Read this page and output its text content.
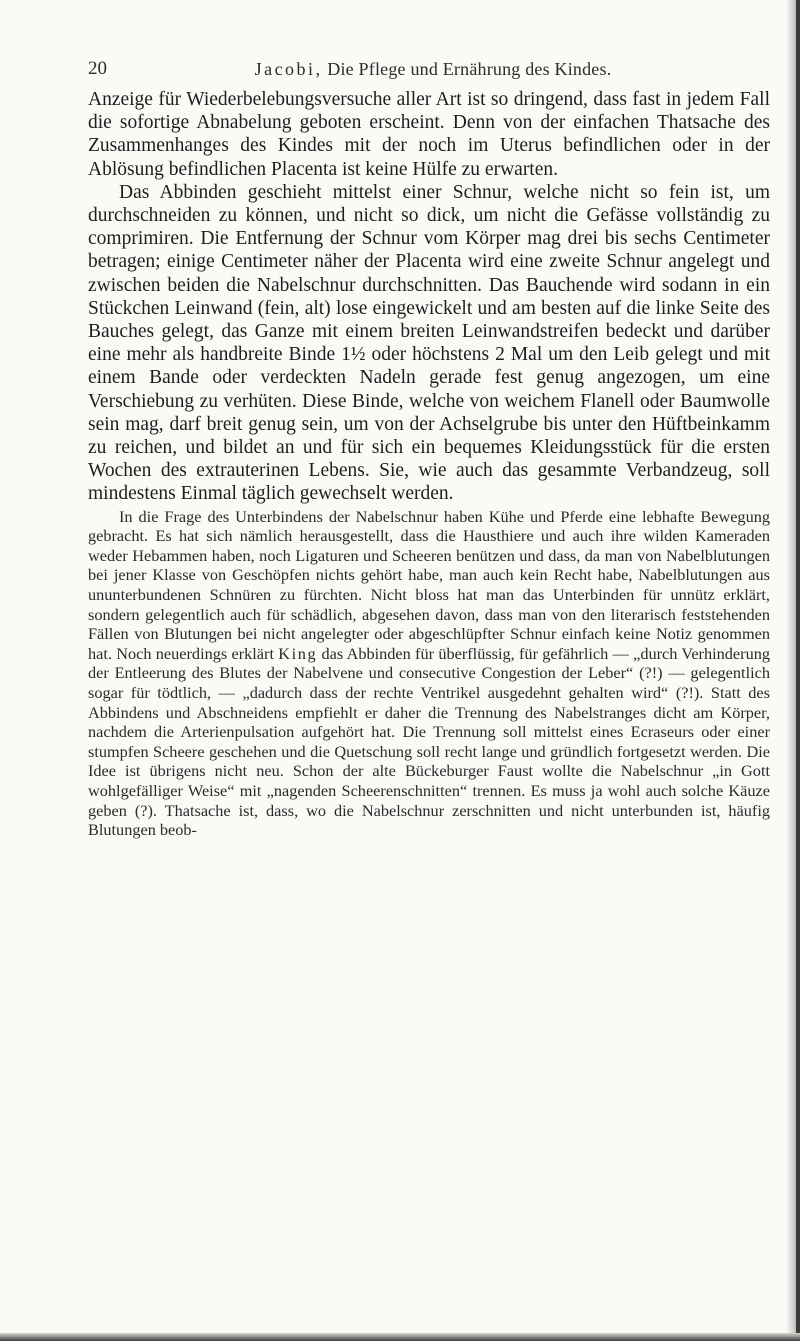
20	Jacobi, Die Pflege und Ernährung des Kindes.

Anzeige für Wiederbelebungsversuche aller Art ist so dringend, dass fast in jedem Fall die sofortige Abnabelung geboten erscheint. Denn von der einfachen Thatsache des Zusammenhanges des Kindes mit der noch im Uterus befindlichen oder in der Ablösung befindlichen Placenta ist keine Hülfe zu erwarten.

Das Abbinden geschieht mittelst einer Schnur, welche nicht so fein ist, um durchschneiden zu können, und nicht so dick, um nicht die Gefässe vollständig zu comprimiren. Die Entfernung der Schnur vom Körper mag drei bis sechs Centimeter betragen; einige Centimeter näher der Placenta wird eine zweite Schnur angelegt und zwischen beiden die Nabelschnur durchschnitten. Das Bauchende wird sodann in ein Stückchen Leinwand (fein, alt) lose eingewickelt und am besten auf die linke Seite des Bauches gelegt, das Ganze mit einem breiten Leinwandstreifen bedeckt und darüber eine mehr als handbreite Binde 1½ oder höchstens 2 Mal um den Leib gelegt und mit einem Bande oder verdeckten Nadeln gerade fest genug angezogen, um eine Verschiebung zu verhüten. Diese Binde, welche von weichem Flanell oder Baumwolle sein mag, darf breit genug sein, um von der Achselgrube bis unter den Hüftbeinkamm zu reichen, und bildet an und für sich ein bequemes Kleidungsstück für die ersten Wochen des extrauterinen Lebens. Sie, wie auch das gesammte Verbandzeug, soll mindestens Einmal täglich gewechselt werden.

In die Frage des Unterbindens der Nabelschnur haben Kühe und Pferde eine lebhafte Bewegung gebracht. Es hat sich nämlich herausgestellt, dass die Hausthiere und auch ihre wilden Kameraden weder Hebammen haben, noch Ligaturen und Scheeren benützen und dass, da man von Nabelblutungen bei jener Klasse von Geschöpfen nichts gehört habe, man auch kein Recht habe, Nabelblutungen aus ununterbundenen Schnüren zu fürchten. Nicht bloss hat man das Unterbinden für unnütz erklärt, sondern gelegentlich auch für schädlich, abgesehen davon, dass man von den literarisch feststehenden Fällen von Blutungen bei nicht angelegter oder abgeschlüpfter Schnur einfach keine Notiz genommen hat. Noch neuerdings erklärt King das Abbinden für überflüssig, für gefährlich — „durch Verhinderung der Entleerung des Blutes der Nabelvene und consecutive Congestion der Leber“ (?!) — gelegentlich sogar für tödtlich, — „dadurch dass der rechte Ventrikel ausgedehnt gehalten wird“ (?!). Statt des Abbindens und Abschneidens empfiehlt er daher die Trennung des Nabelstranges dicht am Körper, nachdem die Arterienpulsation aufgehört hat. Die Trennung soll mittelst eines Ecraseurs oder einer stumpfen Scheere geschehen und die Quetschung soll recht lange und gründlich fortgesetzt werden. Die Idee ist übrigens nicht neu. Schon der alte Bückeburger Faust wollte die Nabelschnur „in Gott wohlgefälliger Weise“ mit „nagenden Scheerenschnitten“ trennen. Es muss ja wohl auch solche Käuze geben (?). Thatsache ist, dass, wo die Nabelschnur zerschnitten und nicht unterbunden ist, häufig Blutungen beob-
